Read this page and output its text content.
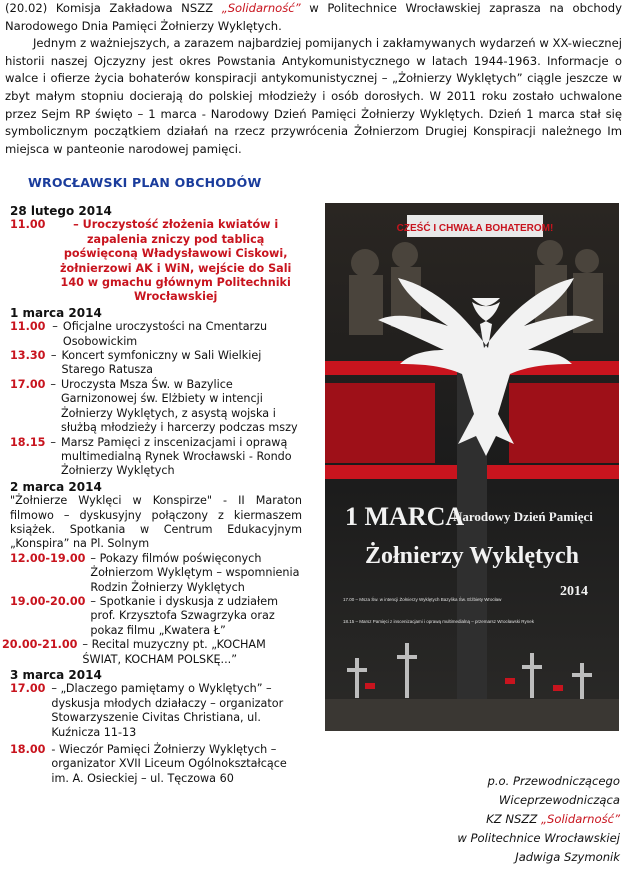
(20.02) Komisja Zakładowa NSZZ „Solidarność” w Politechnice Wrocławskiej zaprasza na obchody Narodowego Dnia Pamięci Żołnierzy Wyklętych.

Jednym z ważniejszych, a zarazem najbardziej pomijanych i zakłamywanych wydarzeń w XX-wiecznej historii naszej Ojczyzny jest okres Powstania Antykomunistycznego w latach 1944-1963. Informacje o walce i ofierze życia bohaterów konspiracji antykomunistycznej – „Żołnierzy Wyklętych” ciągle jeszcze w zbyt małym stopniu docierają do polskiej młodzieży i osób dorosłych. W 2011 roku zostało uchwalone przez Sejm RP święto – 1 marca - Narodowy Dzień Pamięci Żołnierzy Wyklętych. Dzień 1 marca stał się symbolicznym początkiem działań na rzecz przywrócenia Żołnierzom Drugiej Konspiracji należnego Im miejsca w panteonie narodowej pamięci.

WROCŁAWSKI PLAN OBCHODÓW
28 lutego 2014
11.00	– Uroczystość złożenia kwiatów i zapalenia zniczy pod tablicą poświęconą Władysławowi Ciskowi, żołnierzowi AK i WiN, wejście do Sali 140 w gmachu głównym Politechniki Wrocławskiej
1 marca 2014
11.00 – Oficjalne uroczystości na Cmentarzu Osobowickim
13.30 – Koncert symfoniczny w Sali Wielkiej Starego Ratusza
17.00 – Uroczysta Msza Św. w Bazylice Garnizonowej św. Elżbiety w intencji Żołnierzy Wyklętych, z asystą wojska i służbą młodzieży i harcerzy podczas mszy
18.15 – Marsz Pamięci z inscenizacjami i oprawą multimedialną Rynek Wrocławski - Rondo Żołnierzy Wyklętych
2 marca 2014
"Żołnierze Wyklęci w Konspirze" - II Maraton filmowo – dyskusyjny połączony z kiermaszem książek. Spotkania w Centrum Edukacyjnym „Konspira” na Pl. Solnym
12.00-19.00 – Pokazy filmów poświęconych Żołnierzom Wyklętym – wspomnienia Rodzin Żołnierzy Wyklętych
19.00-20.00 – Spotkanie i dyskusja z udziałem prof. Krzysztofa Szwagrzyka oraz pokaz filmu „Kwatera Ł”
20.00-21.00 – Recital muzyczny pt. „KOCHAM ŚWIAT, KOCHAM POLSKĘ...”
3 marca 2014
17.00 – „Dlaczego pamiętamy o Wyklętych” – dyskusja młodych działaczy – organizator Stowarzyszenie Civitas Christiana, ul. Kuźnicza 11-13
18.00 - Wieczór Pamięci Żołnierzy Wyklętych – organizator XVII Liceum Ogólnokształcące im. A. Osieckiej – ul. Tęczowa 60
CZEŚĆ I CHWAŁA BOHATEROM!
1 MARCA
Narodowy Dzień Pamięci
Żołnierzy Wyklętych
2014
17.00 – Msza Św. w intencji Żołnierzy Wyklętych Bazylika Św. Elżbiety Wrocław
18.15 – Marsz Pamięci z inscenizacjami i oprawą multimedialną – przemarsz Wrocławski Rynek
p.o. Przewodniczącego
Wiceprzewodnicząca
KZ NSZZ „Solidarność”
w Politechnice Wrocławskiej
Jadwiga Szymonik
